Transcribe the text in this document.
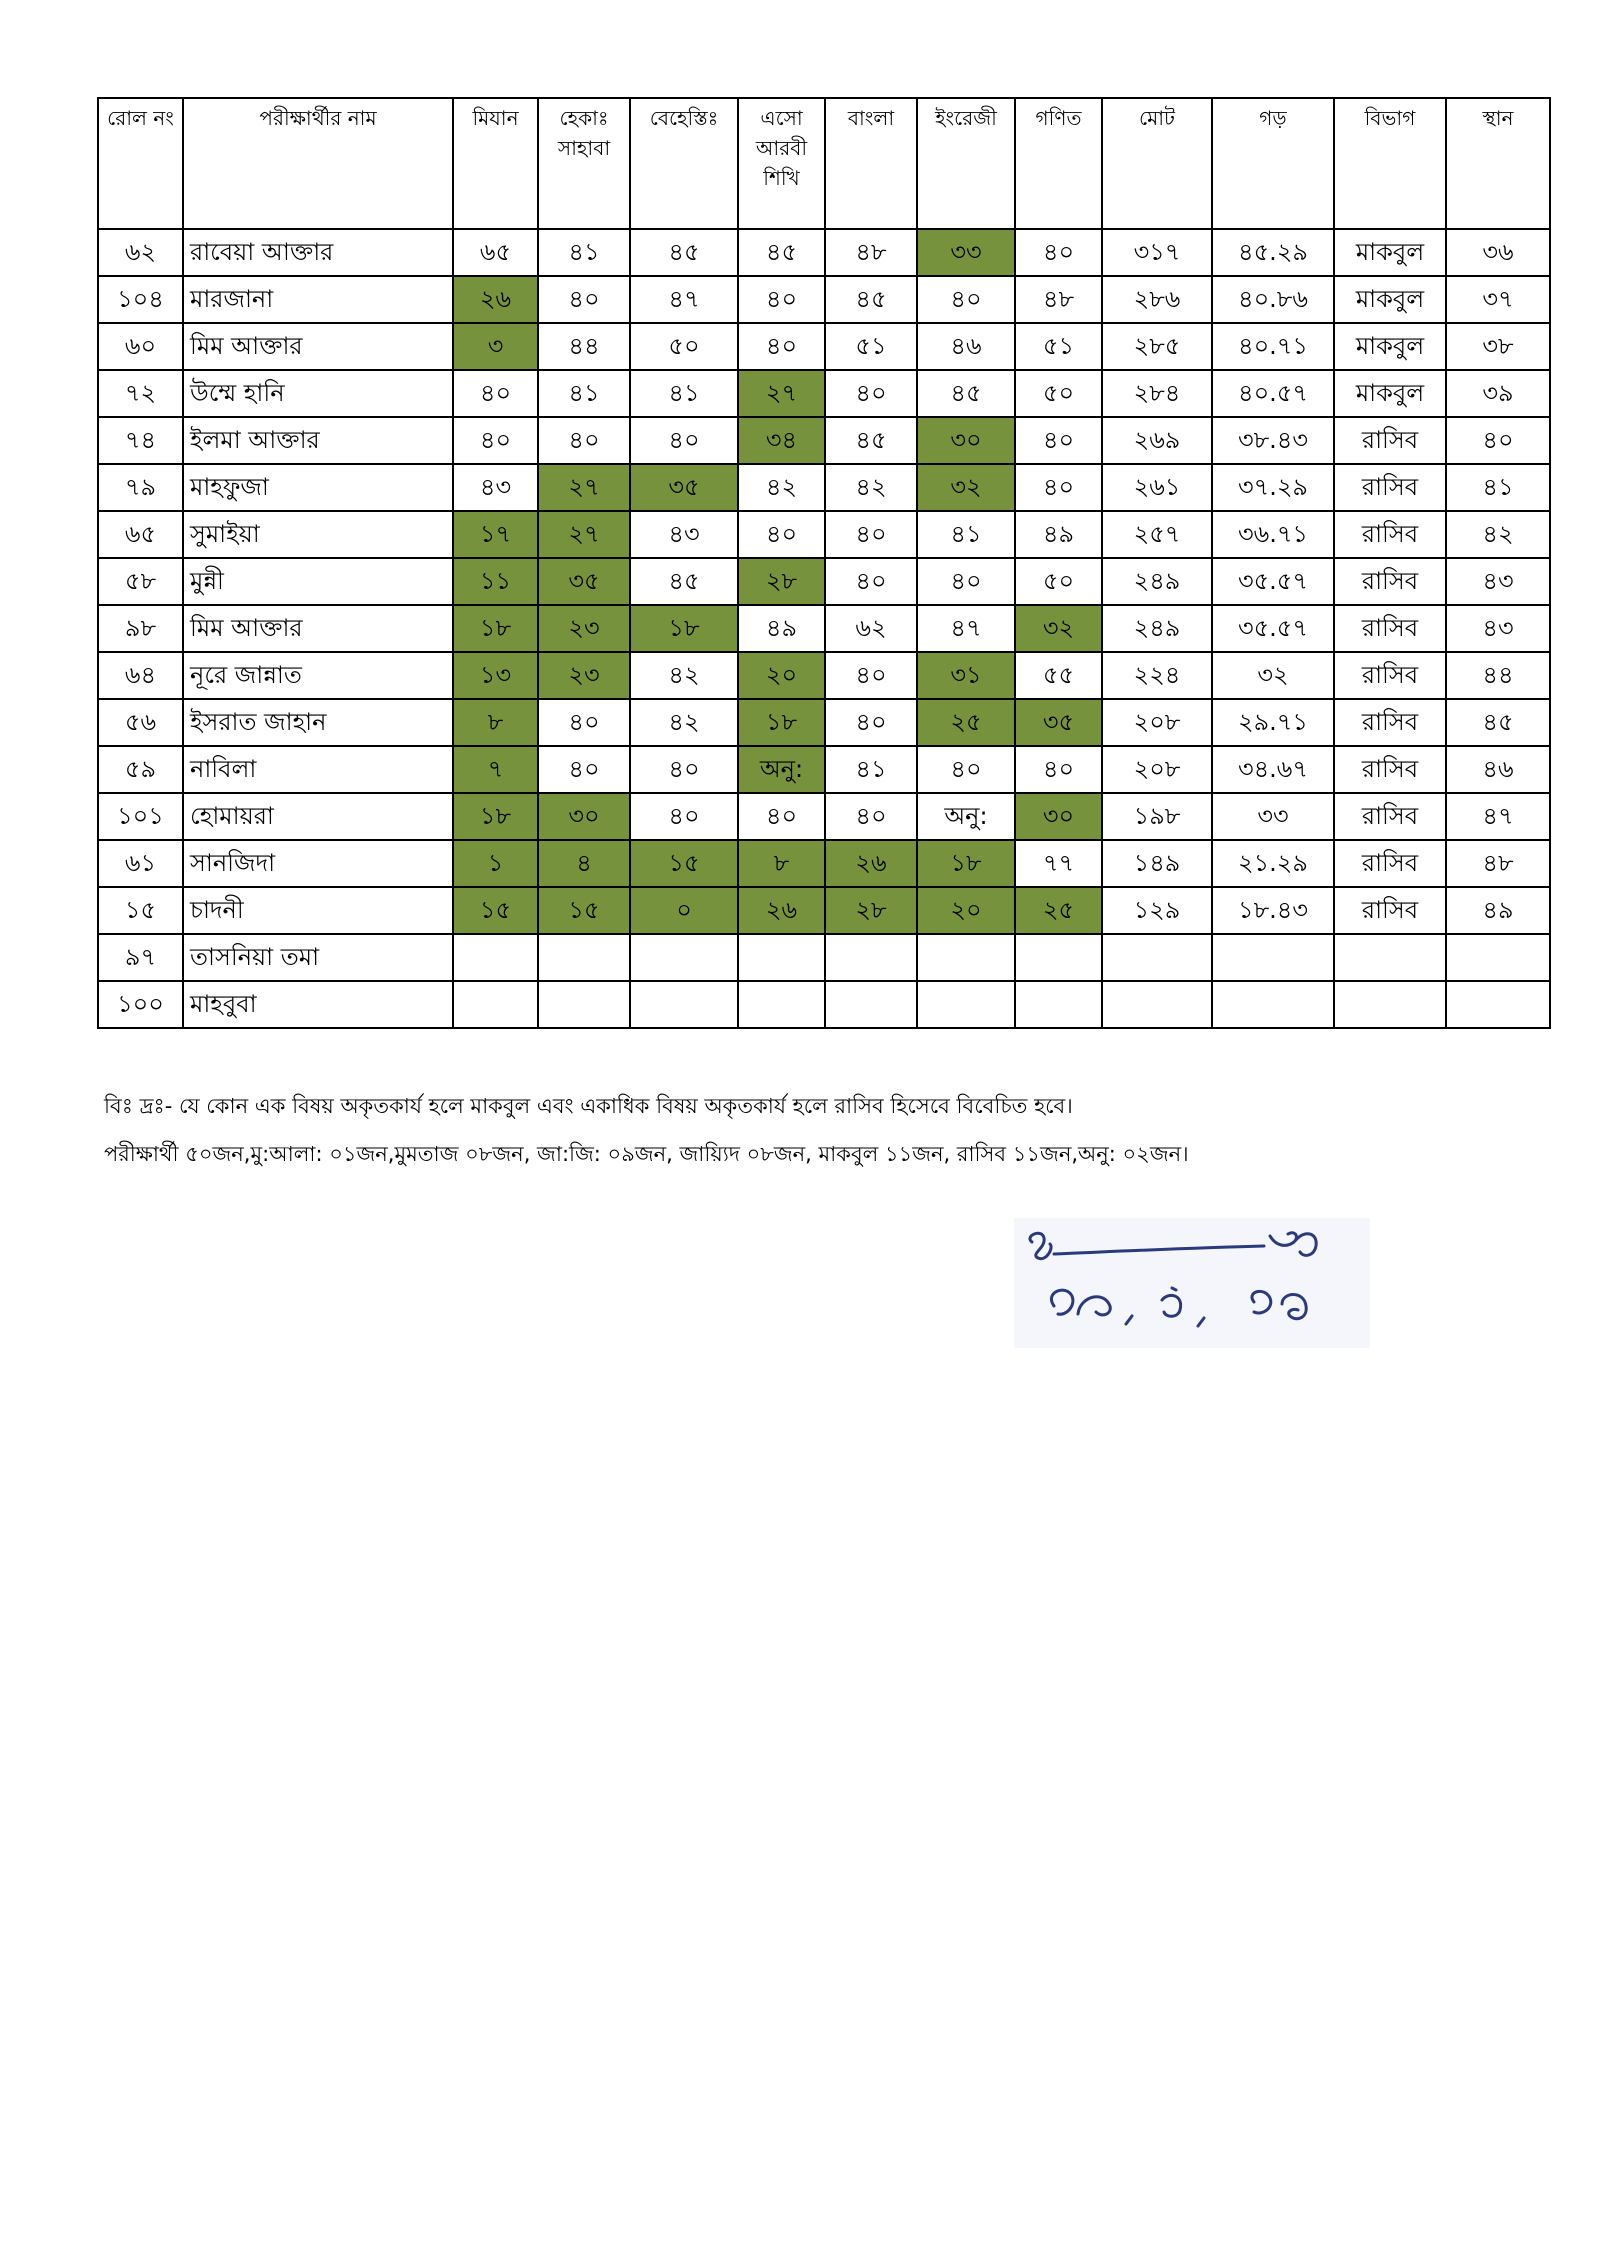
রোল নং	পরীক্ষার্থীর নাম	মিযান	হেকাঃ সাহাবা	বেহেস্তিঃ	এসো আরবী শিখি	বাংলা	ইংরেজী	গণিত	মোট	গড়	বিভাগ	স্থান
৬২	রাবেয়া আক্তার	৬৫	৪১	৪৫	৪৫	৪৮	৩৩	৪০	৩১৭	৪৫.২৯	মাকবুল	৩৬
১০৪	মারজানা	২৬	৪০	৪৭	৪০	৪৫	৪০	৪৮	২৮৬	৪০.৮৬	মাকবুল	৩৭
৬০	মিম আক্তার	৩	৪৪	৫০	৪০	৫১	৪৬	৫১	২৮৫	৪০.৭১	মাকবুল	৩৮
৭২	উম্মে হানি	৪০	৪১	৪১	২৭	৪০	৪৫	৫০	২৮৪	৪০.৫৭	মাকবুল	৩৯
৭৪	ইলমা আক্তার	৪০	৪০	৪০	৩৪	৪৫	৩০	৪০	২৬৯	৩৮.৪৩	রাসিব	৪০
৭৯	মাহফুজা	৪৩	২৭	৩৫	৪২	৪২	৩২	৪০	২৬১	৩৭.২৯	রাসিব	৪১
৬৫	সুমাইয়া	১৭	২৭	৪৩	৪০	৪০	৪১	৪৯	২৫৭	৩৬.৭১	রাসিব	৪২
৫৮	মুন্নী	১১	৩৫	৪৫	২৮	৪০	৪০	৫০	২৪৯	৩৫.৫৭	রাসিব	৪৩
৯৮	মিম আক্তার	১৮	২৩	১৮	৪৯	৬২	৪৭	৩২	২৪৯	৩৫.৫৭	রাসিব	৪৩
৬৪	নূরে জান্নাত	১৩	২৩	৪২	২০	৪০	৩১	৫৫	২২৪	৩২	রাসিব	৪৪
৫৬	ইসরাত জাহান	৮	৪০	৪২	১৮	৪০	২৫	৩৫	২০৮	২৯.৭১	রাসিব	৪৫
৫৯	নাবিলা	৭	৪০	৪০	অনু:	৪১	৪০	৪০	২০৮	৩৪.৬৭	রাসিব	৪৬
১০১	হোমায়রা	১৮	৩০	৪০	৪০	৪০	অনু:	৩০	১৯৮	৩৩	রাসিব	৪৭
৬১	সানজিদা	১	৪	১৫	৮	২৬	১৮	৭৭	১৪৯	২১.২৯	রাসিব	৪৮
১৫	চাদনী	১৫	১৫	০	২৬	২৮	২০	২৫	১২৯	১৮.৪৩	রাসিব	৪৯
৯৭	তাসনিয়া তমা											
১০০	মাহবুবা											
বিঃ দ্রঃ- যে কোন এক বিষয় অকৃতকার্য হলে মাকবুল এবং একাধিক বিষয় অকৃতকার্য হলে রাসিব হিসেবে বিবেচিত হবে।
পরীক্ষার্থী ৫০জন,মু:আলা: ০১জন,মুমতাজ ০৮জন, জা:জি: ০৯জন, জায়্যিদ ০৮জন, মাকবুল ১১জন, রাসিব ১১জন,অনু: ০২জন।
